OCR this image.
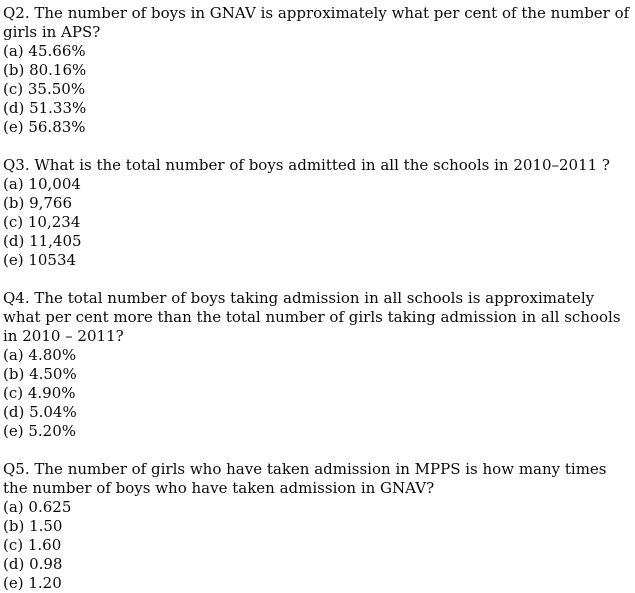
Q2. The number of boys in GNAV is approximately what per cent of the number of girls in APS?

(a) 45.66%

(b) 80.16%

(c) 35.50%

(d) 51.33%

(e) 56.83%

Q3. What is the total number of boys admitted in all the schools in 2010–2011 ?

(a) 10,004

(b) 9,766

(c) 10,234

(d) 11,405

(e) 10534

Q4. The total number of boys taking admission in all schools is approximately what per cent more than the total number of girls taking admission in all schools in 2010 – 2011?

(a) 4.80%

(b) 4.50%

(c) 4.90%

(d) 5.04%

(e) 5.20%

Q5. The number of girls who have taken admission in MPPS is how many times the number of boys who have taken admission in GNAV?

(a) 0.625

(b) 1.50

(c) 1.60

(d) 0.98

(e) 1.20
